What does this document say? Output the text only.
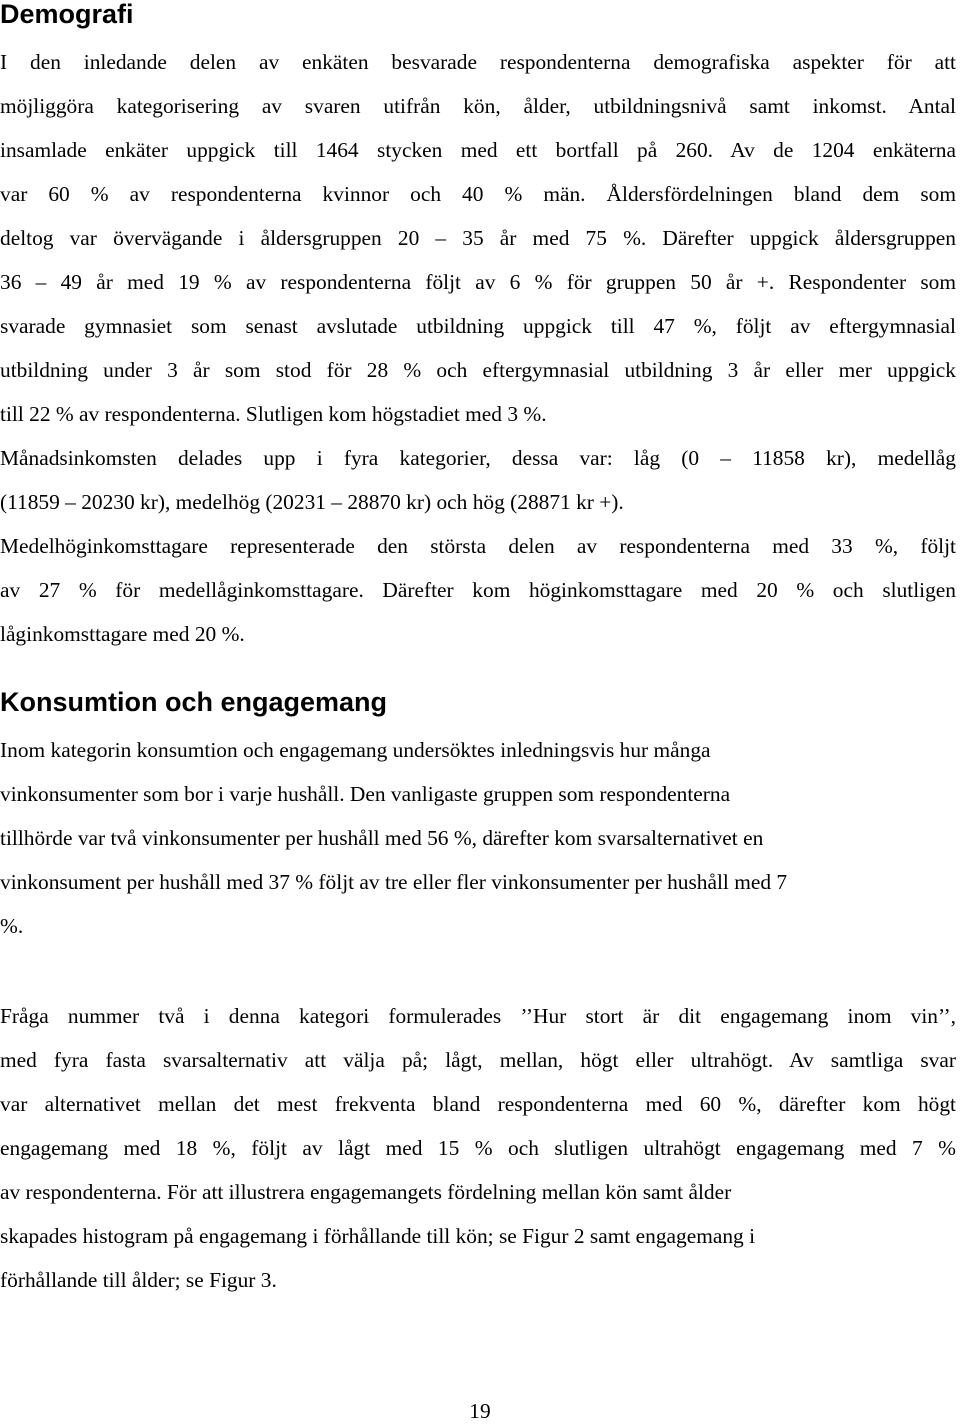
Demografi
I den inledande delen av enkäten besvarade respondenterna demografiska aspekter för att
möjliggöra kategorisering av svaren utifrån kön, ålder, utbildningsnivå samt inkomst. Antal
insamlade enkäter uppgick till 1464 stycken med ett bortfall på 260. Av de 1204 enkäterna
var 60 % av respondenterna kvinnor och 40 % män. Åldersfördelningen bland dem som
deltog var övervägande i åldersgruppen 20 – 35 år med 75 %. Därefter uppgick åldersgruppen
36 – 49 år med 19 % av respondenterna följt av 6 % för gruppen 50 år +. Respondenter som
svarade gymnasiet som senast avslutade utbildning uppgick till 47 %, följt av eftergymnasial
utbildning under 3 år som stod för 28 % och eftergymnasial utbildning 3 år eller mer uppgick
till 22 % av respondenterna. Slutligen kom högstadiet med 3 %.
Månadsinkomsten delades upp i fyra kategorier, dessa var: låg (0 – 11858 kr), medellåg
(11859 – 20230 kr), medelhög (20231 – 28870 kr) och hög (28871 kr +).
Medelhöginkomsttagare representerade den största delen av respondenterna med 33 %, följt
av 27 % för medellåginkomsttagare. Därefter kom höginkomsttagare med 20 % och slutligen
låginkomsttagare med 20 %.
Konsumtion och engagemang
Inom kategorin konsumtion och engagemang undersöktes inledningsvis hur många
vinkonsumenter som bor i varje hushåll. Den vanligaste gruppen som respondenterna
tillhörde var två vinkonsumenter per hushåll med 56 %, därefter kom svarsalternativet en
vinkonsument per hushåll med 37 % följt av tre eller fler vinkonsumenter per hushåll med 7
%.
Fråga nummer två i denna kategori formulerades ’’Hur stort är dit engagemang inom vin’’,
med fyra fasta svarsalternativ att välja på; lågt, mellan, högt eller ultrahögt. Av samtliga svar
var alternativet mellan det mest frekventa bland respondenterna med 60 %, därefter kom högt
engagemang med 18 %, följt av lågt med 15 % och slutligen ultrahögt engagemang med 7 %
av respondenterna. För att illustrera engagemangets fördelning mellan kön samt ålder
skapades histogram på engagemang i förhållande till kön; se Figur 2 samt engagemang i
förhållande till ålder; se Figur 3.
19
